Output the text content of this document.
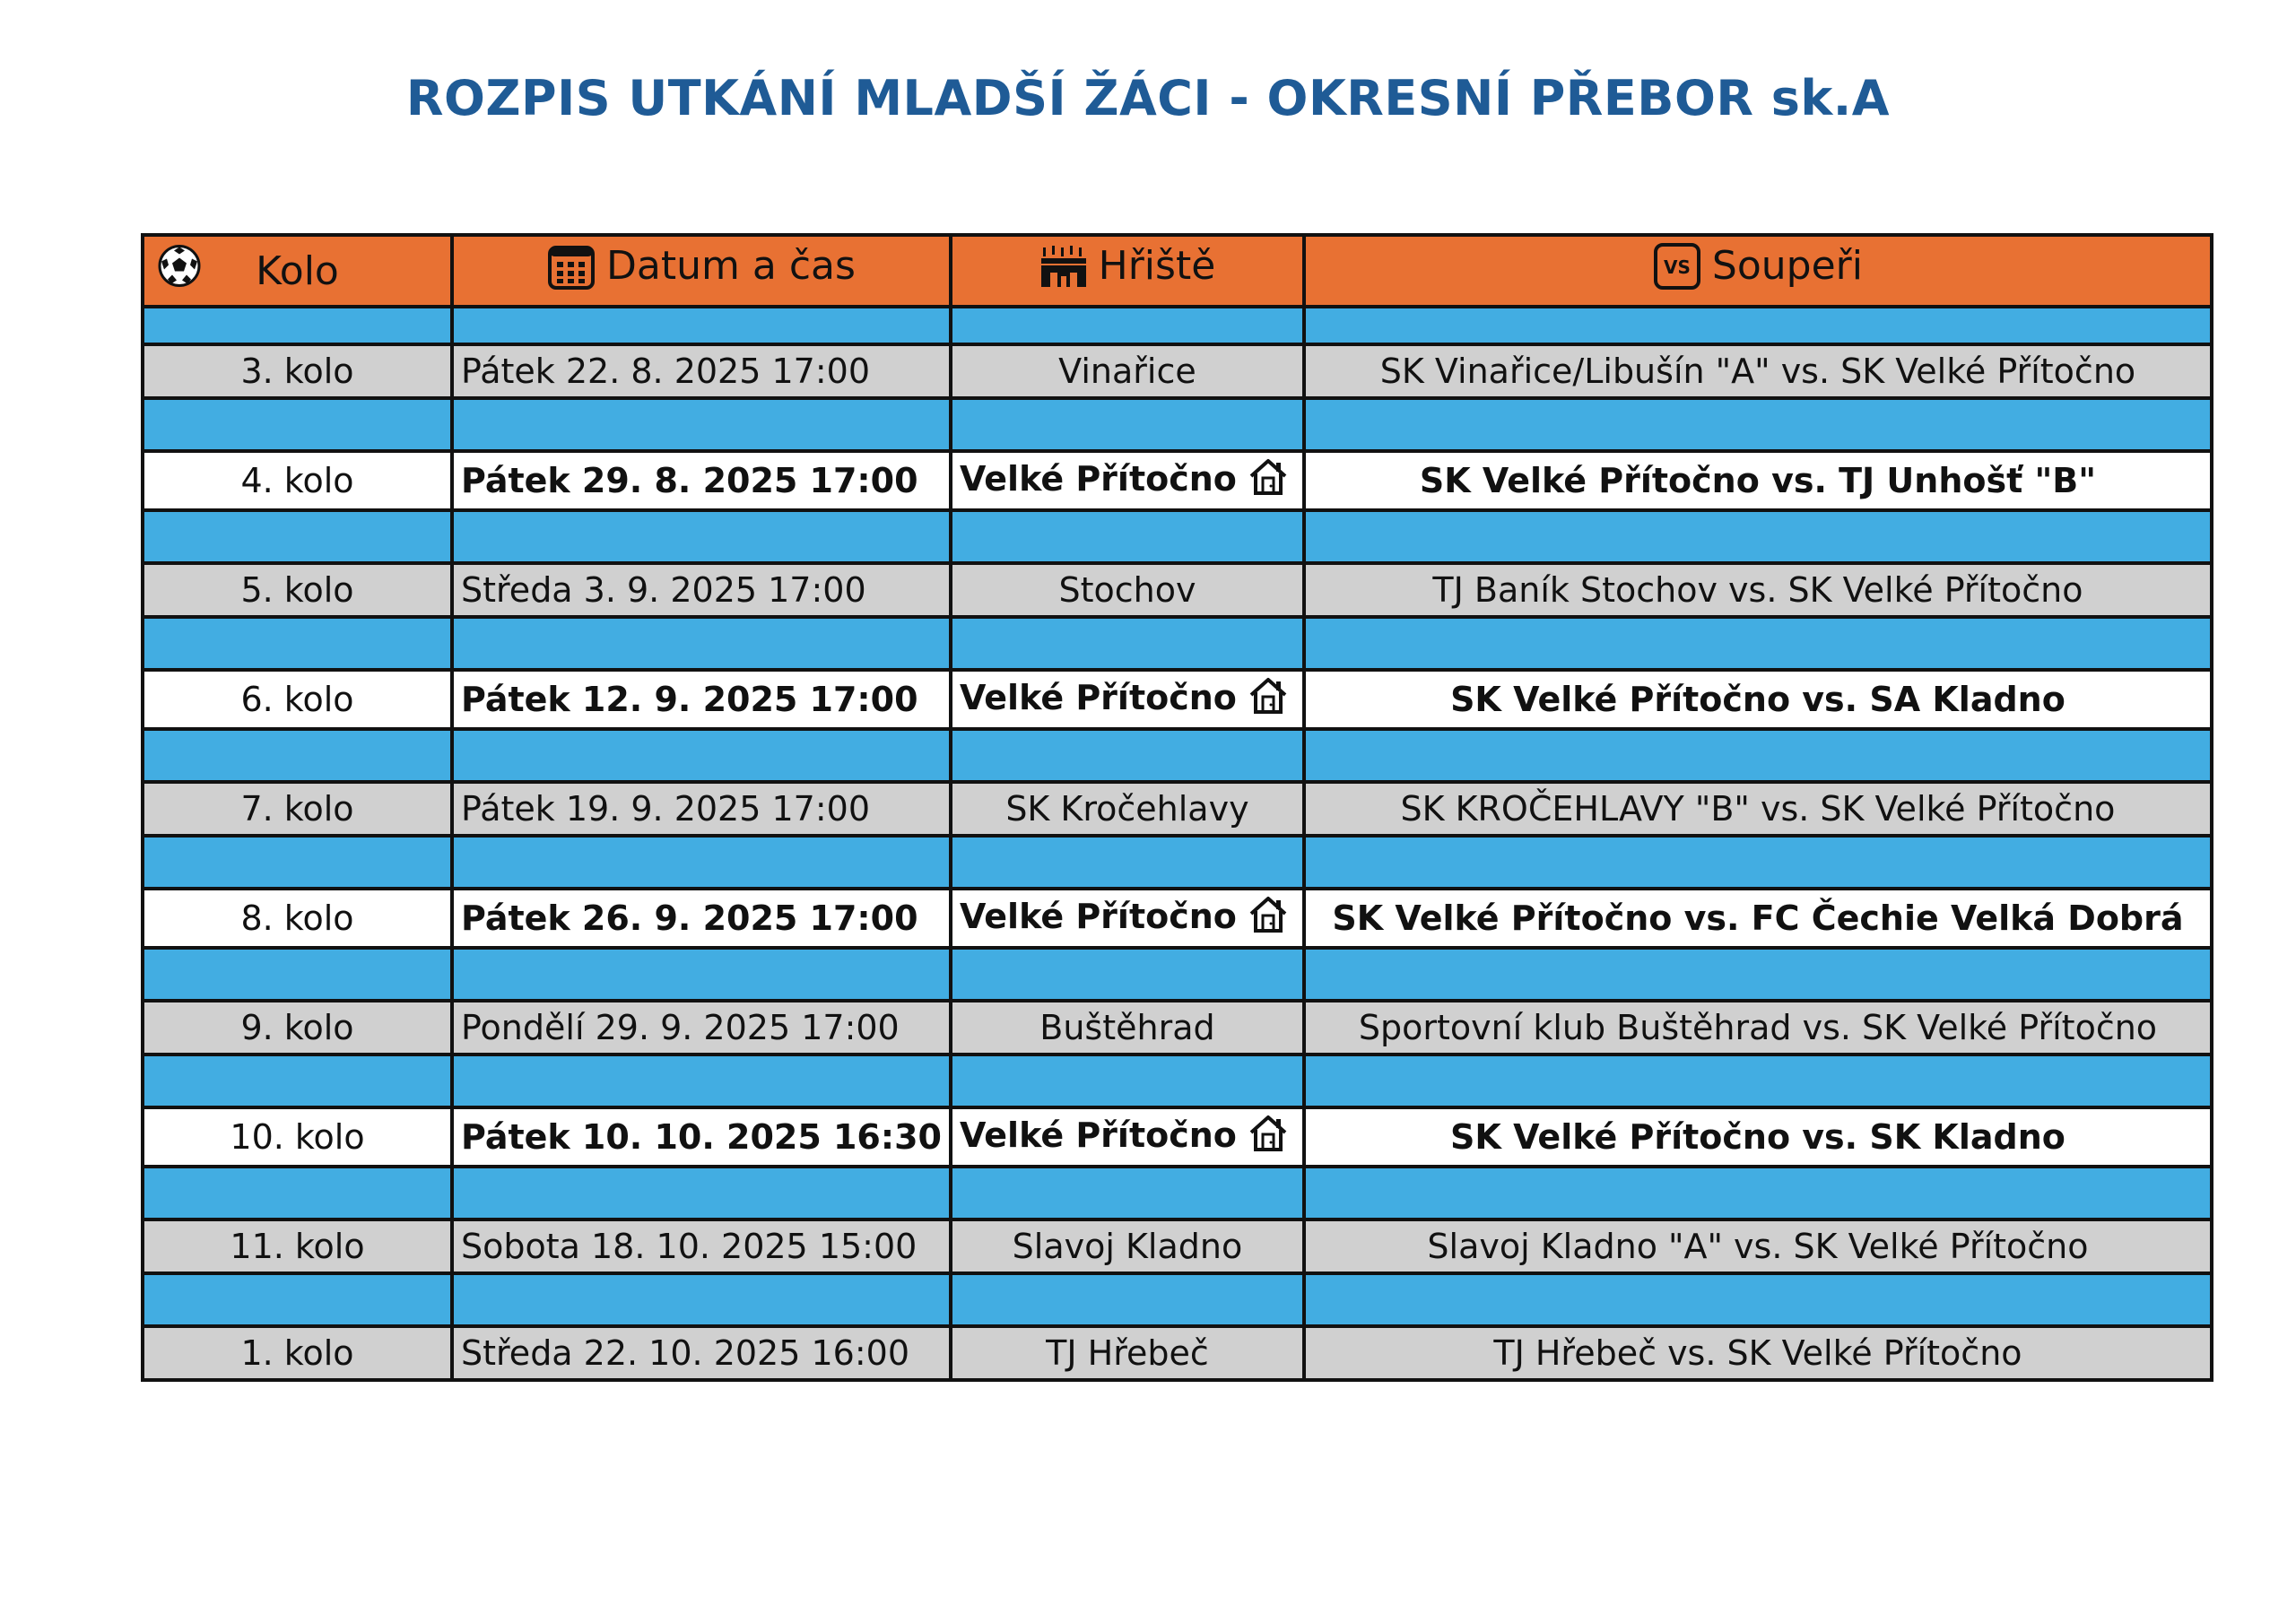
ROZPIS UTKÁNÍ MLADŠÍ ŽÁCI - OKRESNÍ PŘEBOR sk.A
Kolo	Datum a čas	Hřiště	VS Soupeři

3. kolo	Pátek 22. 8. 2025 17:00	Vinařice	SK Vinařice/Libušín "A" vs. SK Velké Přítočno

4. kolo	Pátek 29. 8. 2025 17:00	Velké Přítočno	SK Velké Přítočno vs. TJ Unhošť "B"

5. kolo	Středa 3. 9. 2025 17:00	Stochov	TJ Baník Stochov vs. SK Velké Přítočno

6. kolo	Pátek 12. 9. 2025 17:00	Velké Přítočno	SK Velké Přítočno vs. SA Kladno

7. kolo	Pátek 19. 9. 2025 17:00	SK Kročehlavy	SK KROČEHLAVY "B" vs. SK Velké Přítočno

8. kolo	Pátek 26. 9. 2025 17:00	Velké Přítočno	SK Velké Přítočno vs. FC Čechie Velká Dobrá

9. kolo	Pondělí 29. 9. 2025 17:00	Buštěhrad	Sportovní klub Buštěhrad vs. SK Velké Přítočno

10. kolo	Pátek 10. 10. 2025 16:30	Velké Přítočno	SK Velké Přítočno vs. SK Kladno

11. kolo	Sobota 18. 10. 2025 15:00	Slavoj Kladno	Slavoj Kladno "A" vs. SK Velké Přítočno

1. kolo	Středa 22. 10. 2025 16:00	TJ Hřebeč	TJ Hřebeč vs. SK Velké Přítočno
